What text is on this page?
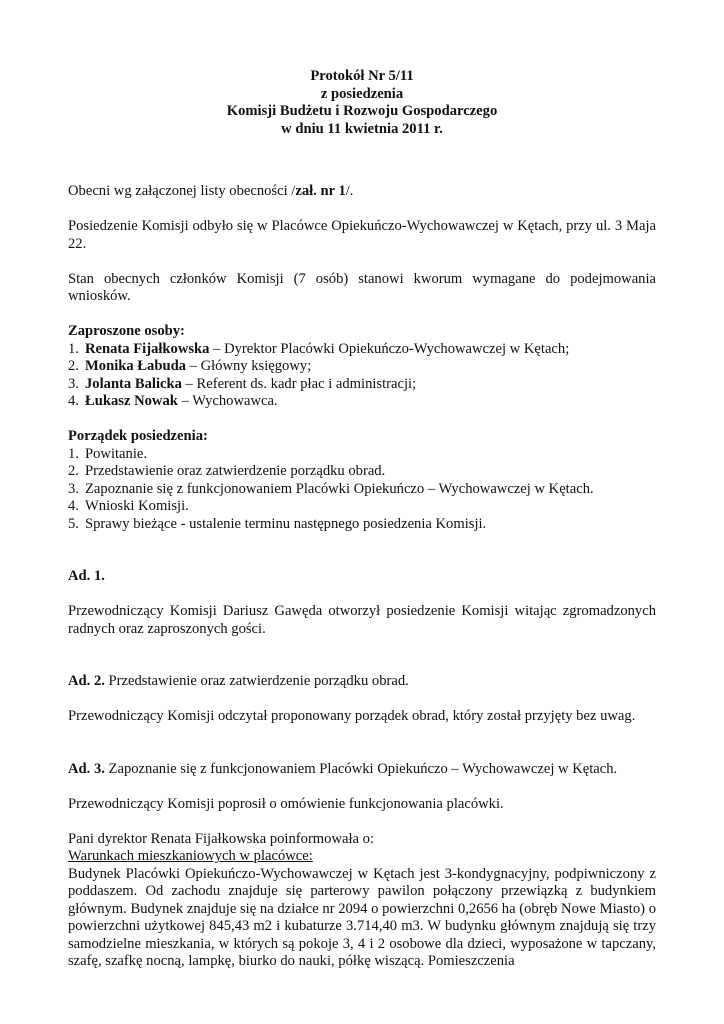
Protokół Nr 5/11
z posiedzenia
Komisji Budżetu i Rozwoju Gospodarczego
w dniu 11 kwietnia 2011 r.

Obecni wg załączonej listy obecności /zał. nr 1/.

Posiedzenie Komisji odbyło się w Placówce Opiekuńczo-Wychowawczej w Kętach, przy ul. 3 Maja 22.

Stan obecnych członków Komisji (7 osób) stanowi kworum wymagane do podejmowania wniosków.

Zaproszone osoby:

1. Renata Fijałkowska – Dyrektor Placówki Opiekuńczo-Wychowawczej w Kętach;
2. Monika Łabuda – Główny księgowy;
3. Jolanta Balicka – Referent ds. kadr płac i administracji;
4. Łukasz Nowak – Wychowawca.

Porządek posiedzenia:

1. Powitanie.
2. Przedstawienie oraz zatwierdzenie porządku obrad.
3. Zapoznanie się z funkcjonowaniem Placówki Opiekuńczo – Wychowawczej w Kętach.
4. Wnioski Komisji.
5. Sprawy bieżące - ustalenie terminu następnego posiedzenia Komisji.

Ad. 1.

Przewodniczący Komisji Dariusz Gawęda otworzył posiedzenie Komisji witając zgromadzonych radnych oraz zaproszonych gości.

Ad. 2. Przedstawienie oraz zatwierdzenie porządku obrad.

Przewodniczący Komisji odczytał proponowany porządek obrad, który został przyjęty bez uwag.

Ad. 3. Zapoznanie się z funkcjonowaniem Placówki Opiekuńczo – Wychowawczej w Kętach.

Przewodniczący Komisji poprosił o omówienie funkcjonowania placówki.

Pani dyrektor Renata Fijałkowska poinformowała o:

Warunkach mieszkaniowych w placówce:

Budynek Placówki Opiekuńczo-Wychowawczej w Kętach jest 3-kondygnacyjny, podpiwniczony z poddaszem. Od zachodu znajduje się parterowy pawilon połączony przewiązką z budynkiem głównym. Budynek znajduje się na działce nr 2094 o powierzchni 0,2656 ha (obręb Nowe Miasto) o powierzchni użytkowej 845,43 m2 i kubaturze 3.714,40 m3. W budynku głównym znajdują się trzy samodzielne mieszkania, w których są pokoje 3, 4 i 2 osobowe dla dzieci, wyposażone w tapczany, szafę, szafkę nocną, lampkę, biurko do nauki, półkę wiszącą. Pomieszczenia
